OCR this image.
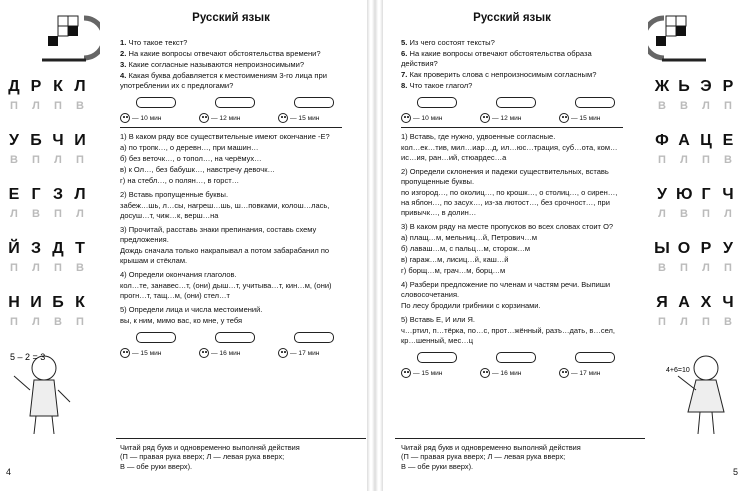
Д Р К Л
П	Л	П	В
У Б Ч И
В	П	Л	П
Е Г З Л
Л	В	П	Л
Й З Д Т
П	Л	П	В
Н И Б К
П	Л	В	П
5 – 2 = 3
Русский язык
1. Что такое текст?
2. На какие вопросы отвечают обстоятельства времени?
3. Какие согласные называются непроизносимыми?
4. Какая буква добавляется к местоимениям 3-го лица при употреблении их с предлогами?
— 10 мин	— 12 мин	— 15 мин

1) В каком ряду все существительные имеют окончание -Е?

а) по тропк…, о деревн…, при машин…

б) без веточк…, о топол…, на черёмух…

в) к Ол…, без бабушк…, навстречу девочк…

г) на стебл…, о полян…, в горст…

2) Вставь пропущенные буквы.

забеж…шь, л…сы, нагреш…шь, ш…повками, колош…лась, досуш…т, чиж…к, верш…на

3) Прочитай, расставь знаки препинания, составь схему предложения.

Дождь сначала только накрапывал а потом забарабанил по крышам и стёклам.

4) Определи окончания глаголов.

кол…те, занавес…т, (они) дыш…т, учитыва…т, кин…м, (они) прогн…т, тащ…м, (они) стел…т

5) Определи лица и числа местоимений.

вы, к ним, мимо вас, ко мне, у тебя

— 15 мин	— 16 мин	— 17 мин
Читай ряд букв и одновременно выполняй действия
(П — правая рука вверх; Л — левая рука вверх;
В — обе руки вверх).
4
Ж Ь Э Р
В	В	Л	П
Ф А Ц Е
П	Л	П	В
У Ю Г Ч
Л	В	П	Л
Ы О Р У
В	П	Л	П
Я А Х Ч
П	Л	П	В
4+6=10
Русский язык
5. Из чего состоят тексты?
6. На какие вопросы отвечают обстоятельства образа действия?
7. Как проверить слова с непроизносимым согласным?
8. Что такое глагол?
— 10 мин	— 12 мин	— 15 мин

1) Вставь, где нужно, удвоенные согласные.

кол…ек…тив, мил…иар…д, ил…юс…трация, суб…ота, ком…ис…ия, ран…ий, стюардес…а

2) Определи склонения и падежи существительных, вставь пропущенные буквы.

по изгород…, по околиц…, по крошк…, о столиц…, о сирен…, на яблон…, по засух…, из-за лютост…, без срочност…, при привычк…, в долин…

3) В каком ряду на месте пропусков во всех словах стоит О?

а) плащ…м, мельниц…й, Петрович…м

б) лаваш…м, с пальц…м, сторож…м

в) гараж…м, лисиц…й, каш…й

г) борщ…м, грач…м, борц…м

4) Разбери предложение по членам и частям речи. Выпиши словосочетания.

По лесу бродили грибники с корзинами.

5) Вставь Е, И или Я.

ч…ртил, п…тёрка, по…с, прот…жённый, разъ…дать, в…сел, кр…шенный, мес…ц

— 15 мин	— 16 мин	— 17 мин
Читай ряд букв и одновременно выполняй действия
(П — правая рука вверх; Л — левая рука вверх;
В — обе руки вверх).
5
